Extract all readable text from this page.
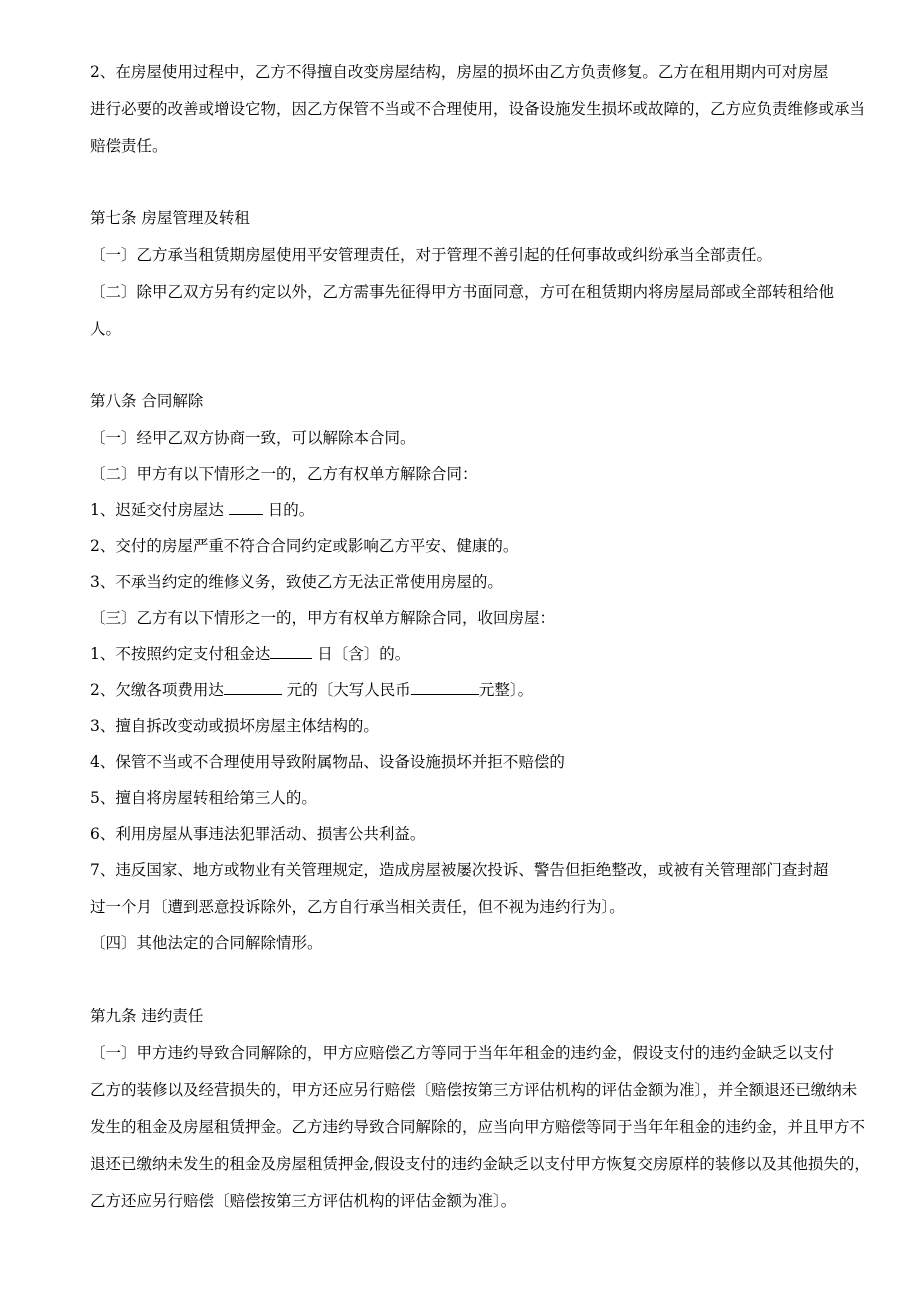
2、在房屋使用过程中，乙方不得擅自改变房屋结构，房屋的损坏由乙方负责修复。乙方在租用期内可对房屋
进行必要的改善或增设它物，因乙方保管不当或不合理使用，设备设施发生损坏或故障的，乙方应负责维修或承当
赔偿责任。
第七条 房屋管理及转租
〔一〕乙方承当租赁期房屋使用平安管理责任，对于管理不善引起的任何事故或纠纷承当全部责任。
〔二〕除甲乙双方另有约定以外，乙方需事先征得甲方书面同意，方可在租赁期内将房屋局部或全部转租给他
人。
第八条 合同解除
〔一〕经甲乙双方协商一致，可以解除本合同。
〔二〕甲方有以下情形之一的，乙方有权单方解除合同：
1、迟延交付房屋达  日的。
2、交付的房屋严重不符合合同约定或影响乙方平安、健康的。
3、不承当约定的维修义务，致使乙方无法正常使用房屋的。
〔三〕乙方有以下情形之一的，甲方有权单方解除合同，收回房屋：
1、不按照约定支付租金达	日〔含〕的。
2、欠缴各项费用达	元的〔大写人民币	元整〕。
3、擅自拆改变动或损坏房屋主体结构的。
4、保管不当或不合理使用导致附属物品、设备设施损坏并拒不赔偿的
5、擅自将房屋转租给第三人的。
6、利用房屋从事违法犯罪活动、损害公共利益。
7、违反国家、地方或物业有关管理规定，造成房屋被屡次投诉、警告但拒绝整改，或被有关管理部门查封超
过一个月〔遭到恶意投诉除外，乙方自行承当相关责任，但不视为违约行为〕。
〔四〕其他法定的合同解除情形。
第九条 违约责任
〔一〕甲方违约导致合同解除的，甲方应赔偿乙方等同于当年年租金的违约金，假设支付的违约金缺乏以支付
乙方的装修以及经营损失的，甲方还应另行赔偿〔赔偿按第三方评估机构的评估金额为准〕，并全额退还已缴纳未
发生的租金及房屋租赁押金。乙方违约导致合同解除的，应当向甲方赔偿等同于当年年租金的违约金，并且甲方不
退还已缴纳未发生的租金及房屋租赁押金,假设支付的违约金缺乏以支付甲方恢复交房原样的装修以及其他损失的，
乙方还应另行赔偿〔赔偿按第三方评估机构的评估金额为准〕。
